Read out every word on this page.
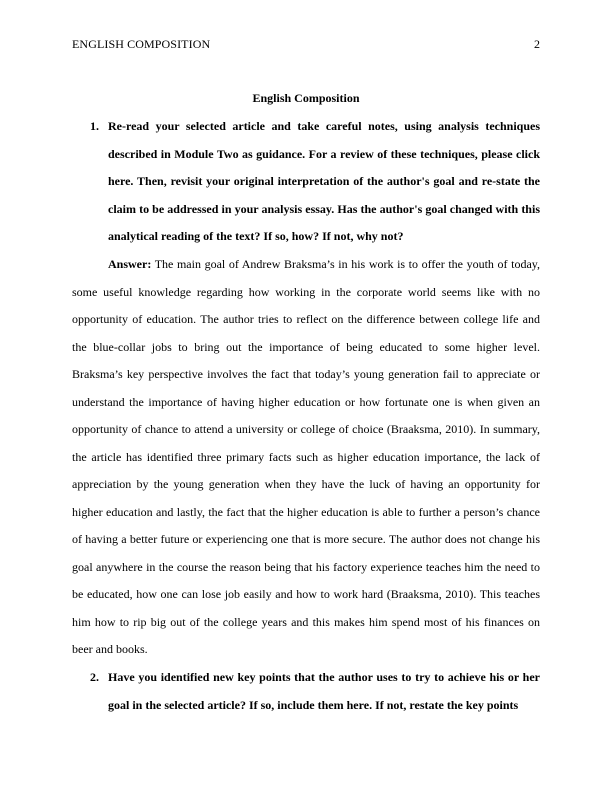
ENGLISH COMPOSITION	2
English Composition
1. Re-read your selected article and take careful notes, using analysis techniques described in Module Two as guidance. For a review of these techniques, please click here. Then, revisit your original interpretation of the author's goal and re-state the claim to be addressed in your analysis essay. Has the author's goal changed with this analytical reading of the text? If so, how? If not, why not?
Answer: The main goal of Andrew Braksma’s in his work is to offer the youth of today, some useful knowledge regarding how working in the corporate world seems like with no opportunity of education. The author tries to reflect on the difference between college life and the blue-collar jobs to bring out the importance of being educated to some higher level. Braksma’s key perspective involves the fact that today’s young generation fail to appreciate or understand the importance of having higher education or how fortunate one is when given an opportunity of chance to attend a university or college of choice (Braaksma, 2010). In summary, the article has identified three primary facts such as higher education importance, the lack of appreciation by the young generation when they have the luck of having an opportunity for higher education and lastly, the fact that the higher education is able to further a person’s chance of having a better future or experiencing one that is more secure. The author does not change his goal anywhere in the course the reason being that his factory experience teaches him the need to be educated, how one can lose job easily and how to work hard (Braaksma, 2010). This teaches him how to rip big out of the college years and this makes him spend most of his finances on beer and books.
2. Have you identified new key points that the author uses to try to achieve his or her goal in the selected article? If so, include them here. If not, restate the key points
